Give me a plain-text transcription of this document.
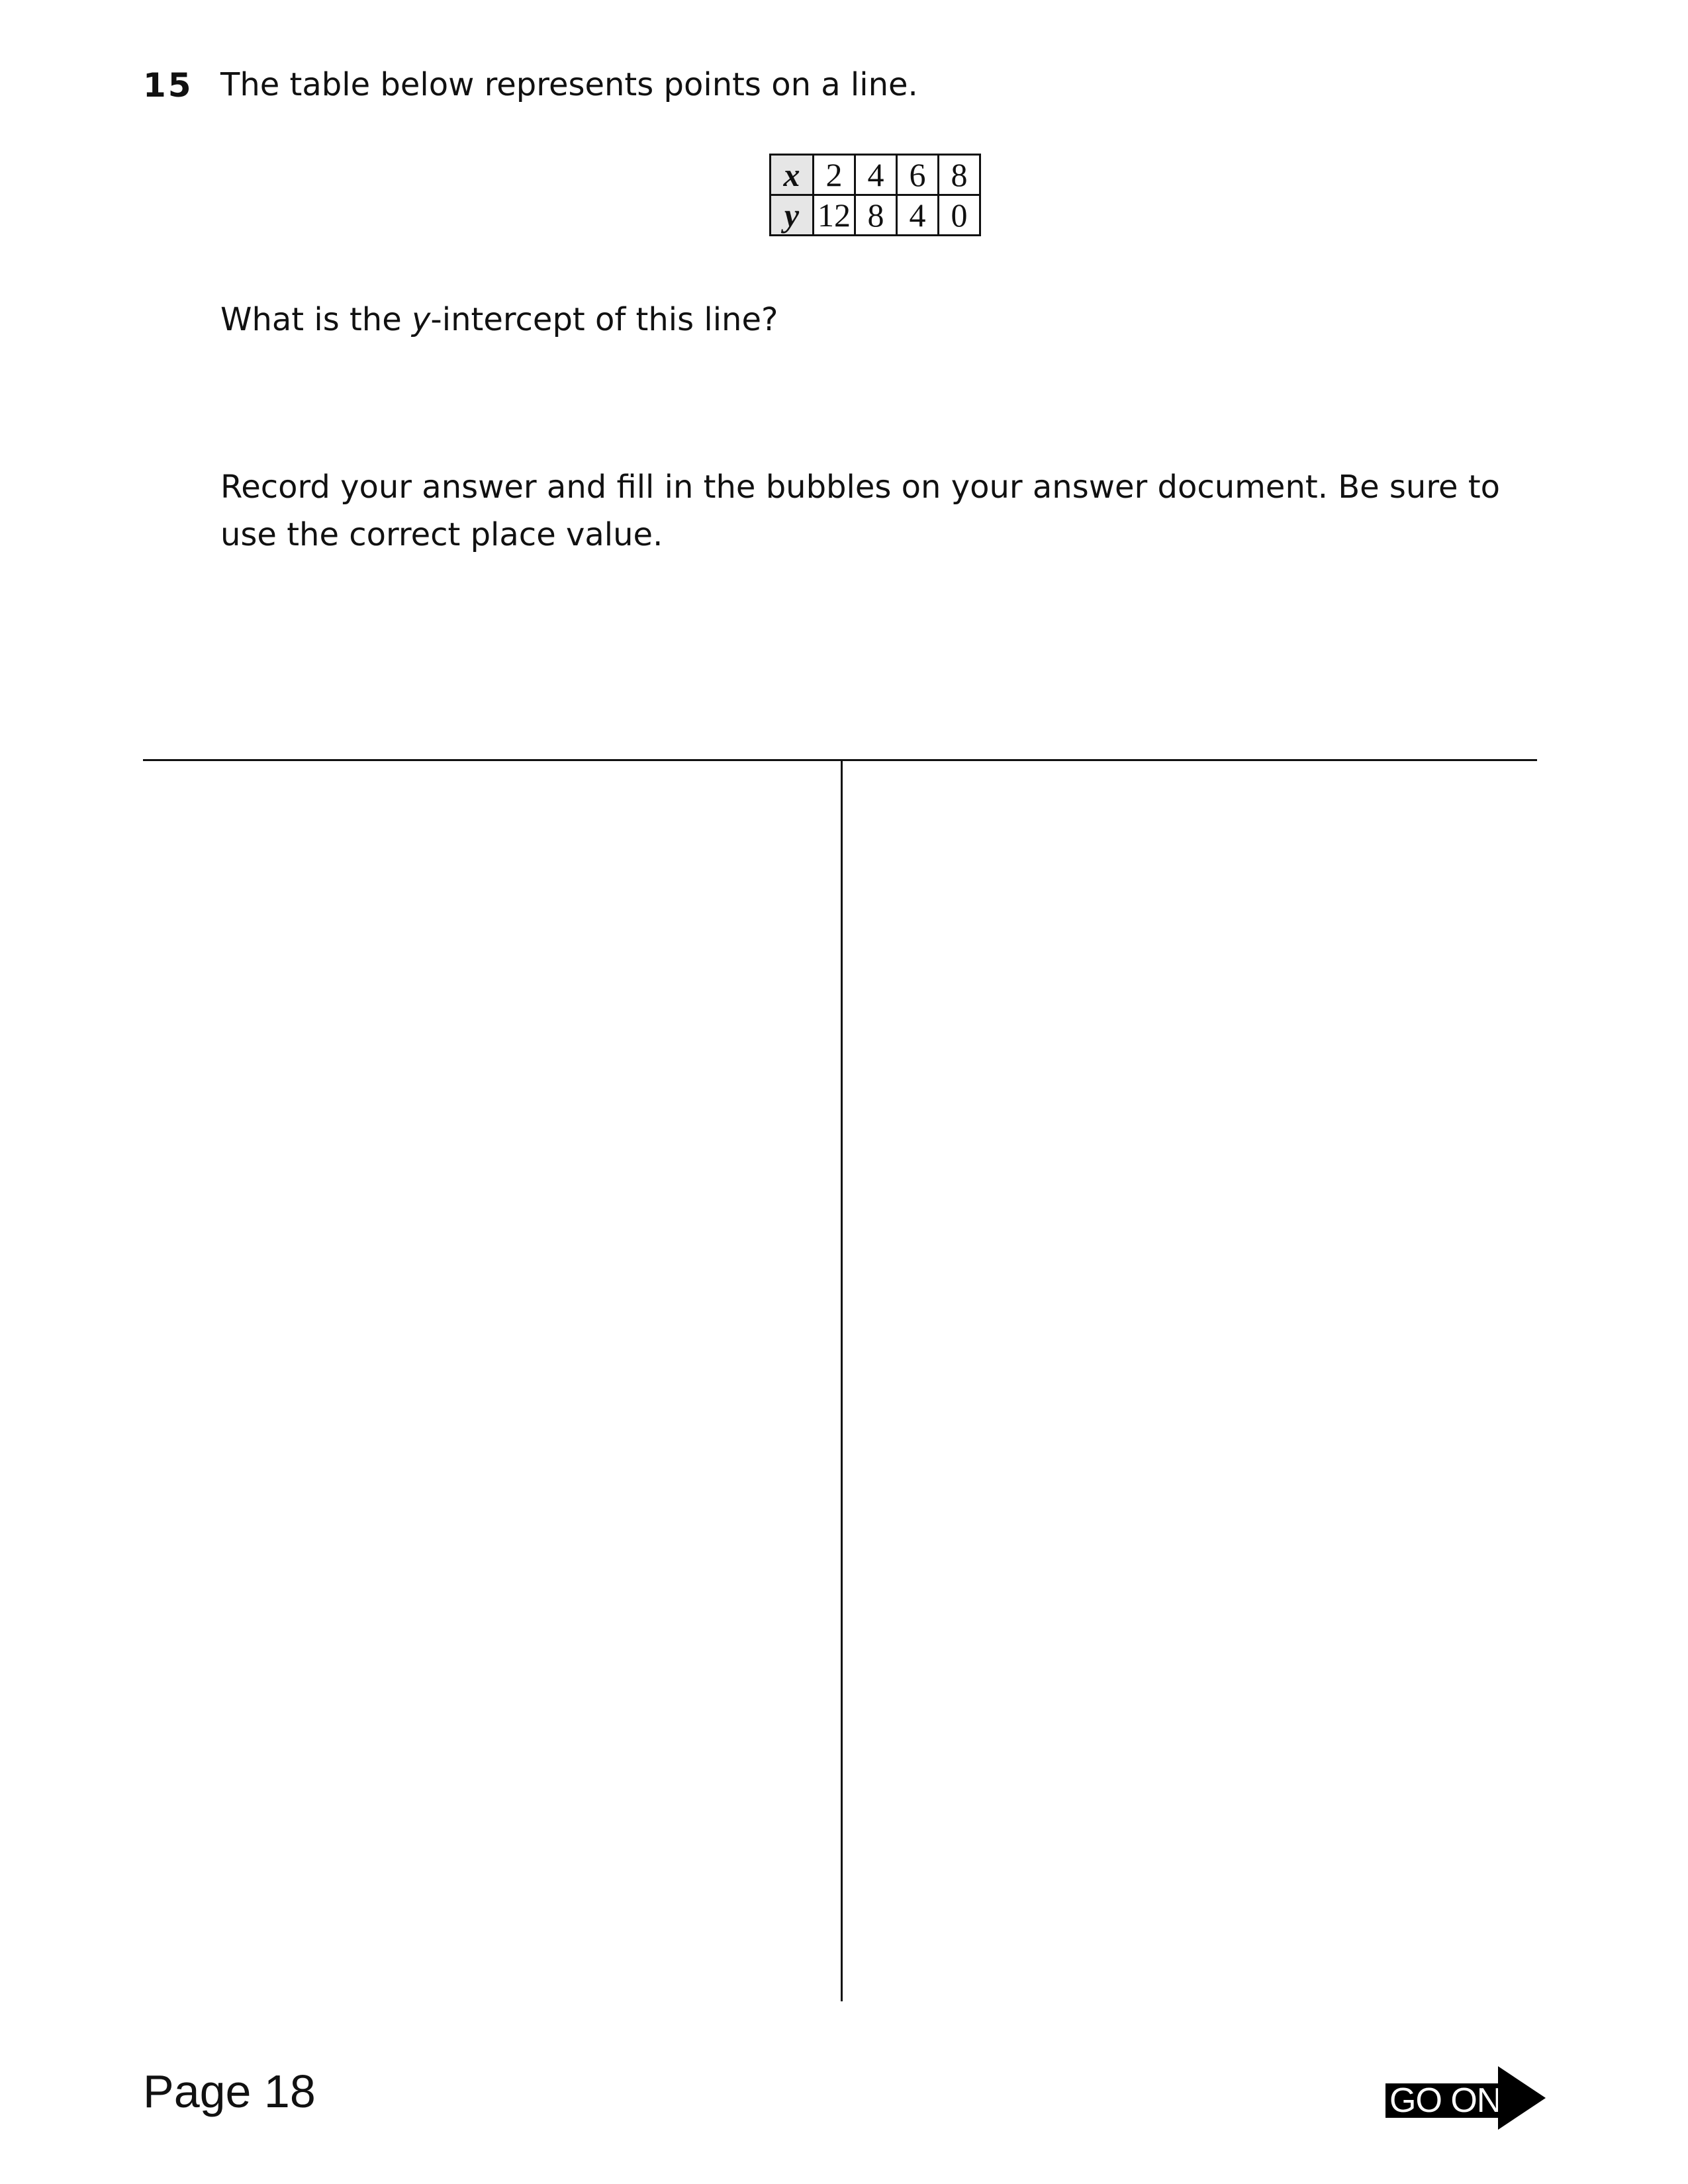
15 The table below represents points on a line.
x	2	4	6	8
y	12	8	4	0
What is the y-intercept of this line?
Record your answer and fill in the bubbles on your answer document. Be sure to use the correct place value.
Page 18	GO ON
